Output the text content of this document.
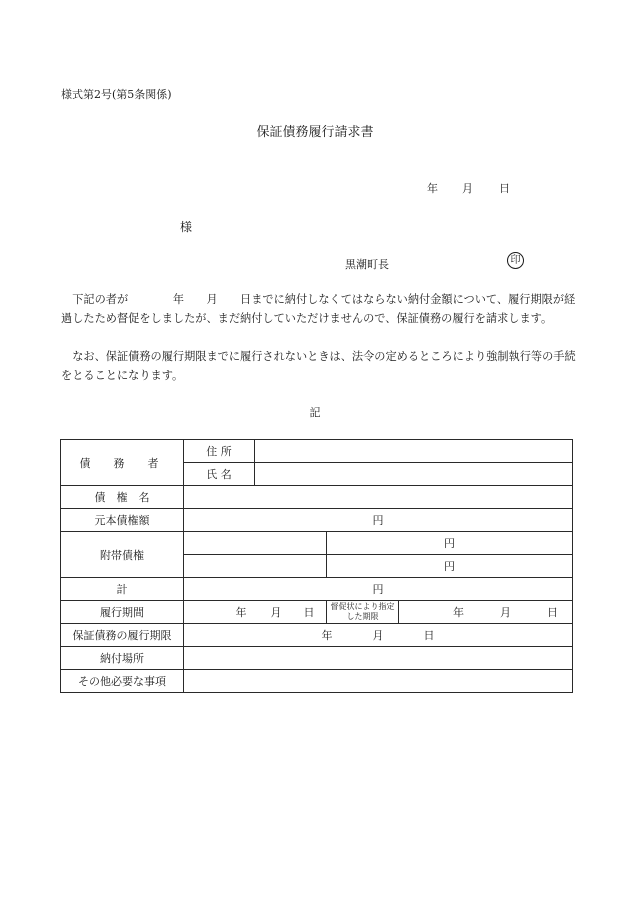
様式第2号(第5条関係)
保証債務履行請求書
年 月 日
様
黒潮町長	印
　下記の者が　　　　年　　月　　日までに納付しなくてはならない納付金額について、履行期限が経過したため督促をしましたが、まだ納付していただけませんので、保証債務の履行を請求します。
　なお、保証債務の履行期限までに履行されないときは、法令の定めるところにより強制執行等の手続をとることになります。
記
債　務　者	住 所			
	氏 名			
債　権　名				
元本債権額	円			
附帯債権			円	
			円	
計	円			
履行期間	年 月 日		督促状により指定した期限	年 月 日
保証債務の履行期限	年 月 日			
納付場所				
その他必要な事項				
